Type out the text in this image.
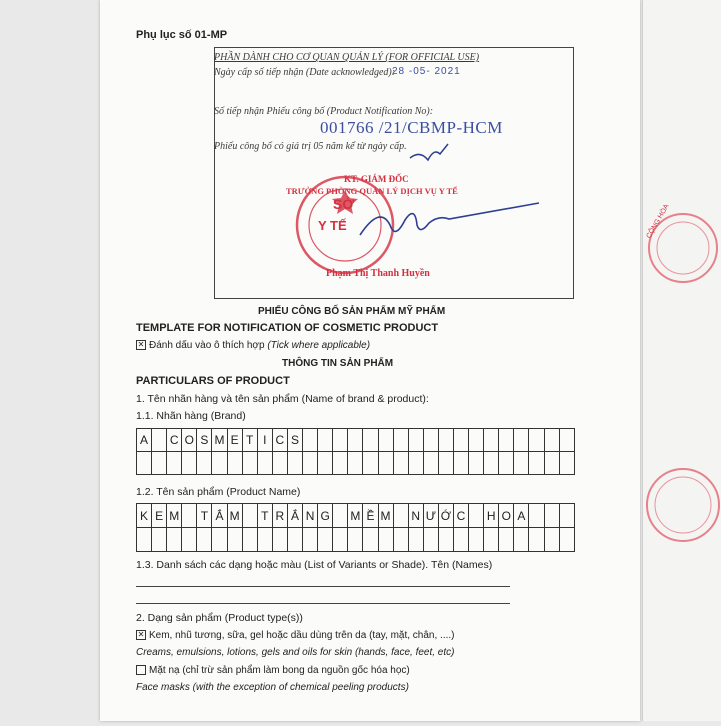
CỘNG HÒA
Phụ lục số 01-MP
PHẦN DÀNH CHO CƠ QUAN QUẢN LÝ (FOR OFFICIAL USE)
Ngày cấp số tiếp nhận (Date acknowledged):
28 -05- 2021
Số tiếp nhận Phiếu công bố (Product Notification No):
001766 /21/CBMP-HCM
Phiếu công bố có giá trị 05 năm kể từ ngày cấp.
SỞ
Y TẾ
KT. GIÁM ĐỐC
TRƯỞNG PHÒNG QUẢN LÝ DỊCH VỤ Y TẾ
Phạm Thị Thanh Huyền
PHIẾU CÔNG BỐ SẢN PHẨM MỸ PHẨM
TEMPLATE FOR NOTIFICATION OF COSMETIC PRODUCT
✕ Đánh dấu vào ô thích hợp (Tick where applicable)
THÔNG TIN SẢN PHẨM
PARTICULARS OF PRODUCT
1. Tên nhãn hàng và tên sản phẩm (Name of brand & product):
1.1. Nhãn hàng (Brand)
A	C O S M E T I C S
1.2. Tên sản phẩm (Product Name)
K E M T Ắ M T R Ắ N G M Ề M N Ư Ớ C	H O A
1.3. Danh sách các dạng hoặc màu (List of Variants or Shade). Tên (Names)
2. Dạng sản phẩm (Product type(s))
✕ Kem, nhũ tương, sữa, gel hoặc dầu dùng trên da (tay, mặt, chân, ....)
Creams, emulsions, lotions, gels and oils for skin (hands, face, feet, etc)
Mặt nạ (chỉ trừ sản phẩm làm bong da nguồn gốc hóa học)
Face masks (with the exception of chemical peeling products)
